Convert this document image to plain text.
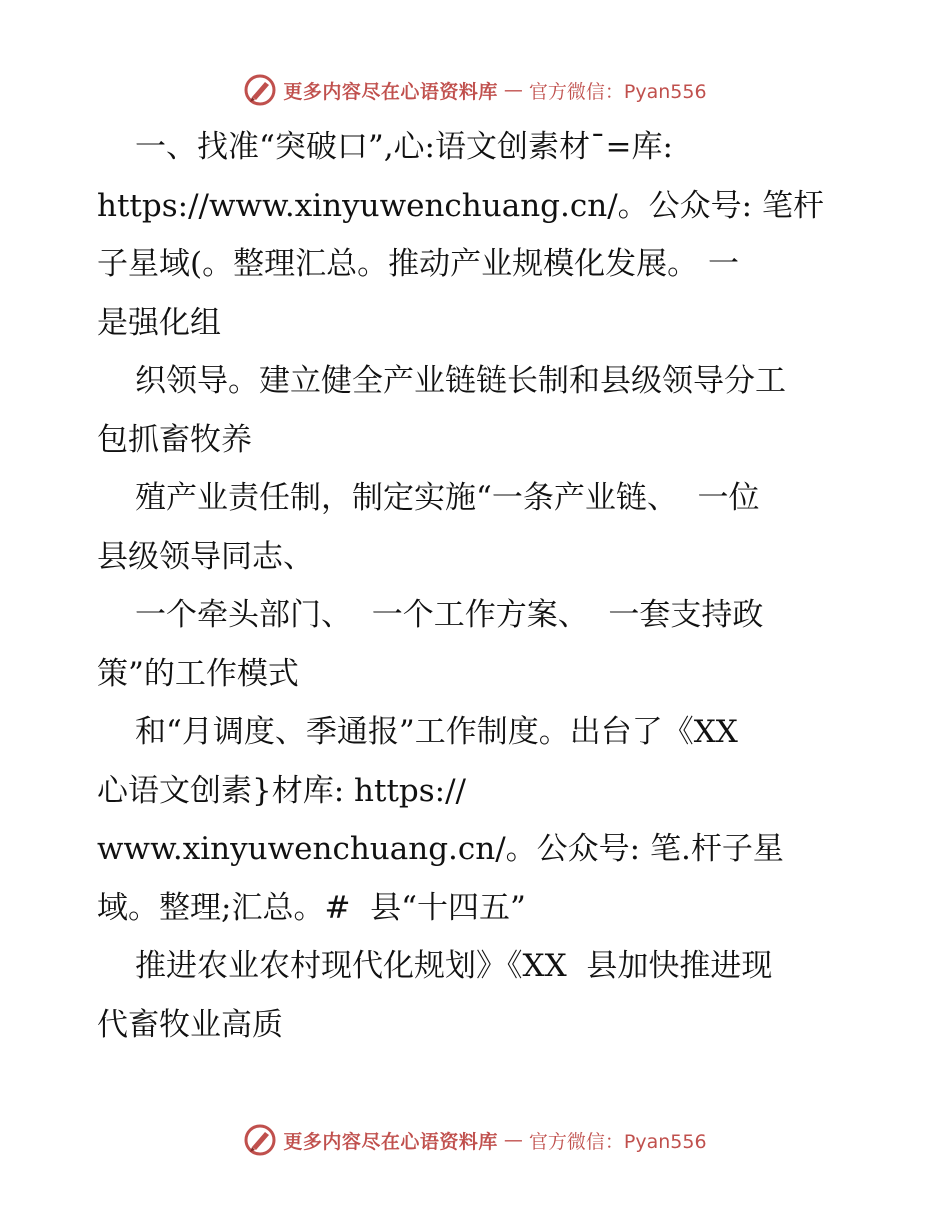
更多内容尽在心语资料库 — 官方微信：Pyan556
一、找准“突破口”,心:语文创素材¯=库:
https://www.xinyuwenchuang.cn/。公众号: 笔杆
子星域(。整理汇总。推动产业规模化发展。 一
是强化组
织领导。建立健全产业链链长制和县级领导分工
包抓畜牧养
殖产业责任制，制定实施“一条产业链、  一位
县级领导同志、
一个牵头部门、  一个工作方案、  一套支持政
策”的工作模式
和“月调度、季通报”工作制度。出台了《XX
心语文创素}材库: https://
www.xinyuwenchuang.cn/。公众号: 笔.杆子星
域。整理;汇总。#  县“十四五”
推进农业农村现代化规划》《XX  县加快推进现
代畜牧业高质
更多内容尽在心语资料库 — 官方微信：Pyan556
